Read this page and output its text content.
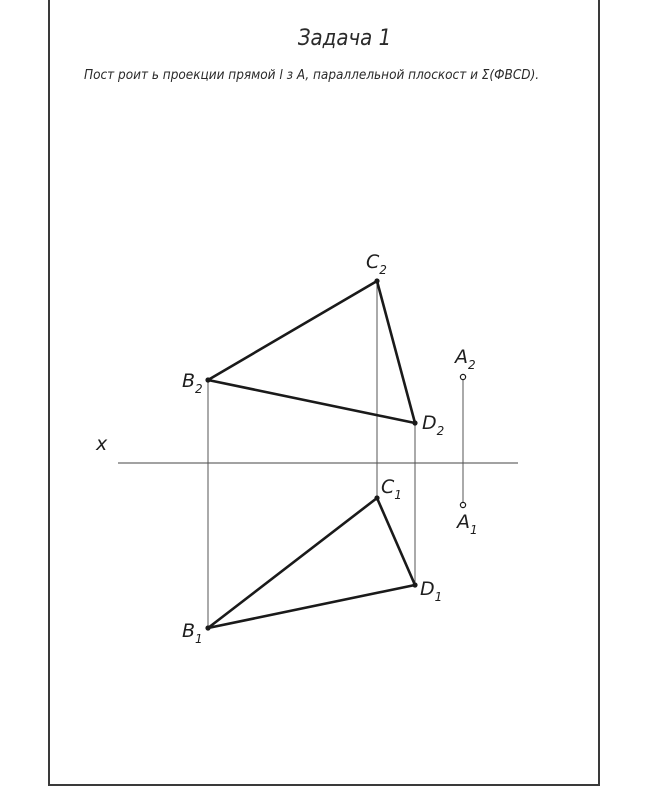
Задача 1
Пост роит ь проекции прямой l з A, параллельной плоскост и Σ(ФBCD).
x
$C_2$
$B_2$
$D_2$
$A_2$
$C_1$
$A_1$
$D_1$
$B_1$
